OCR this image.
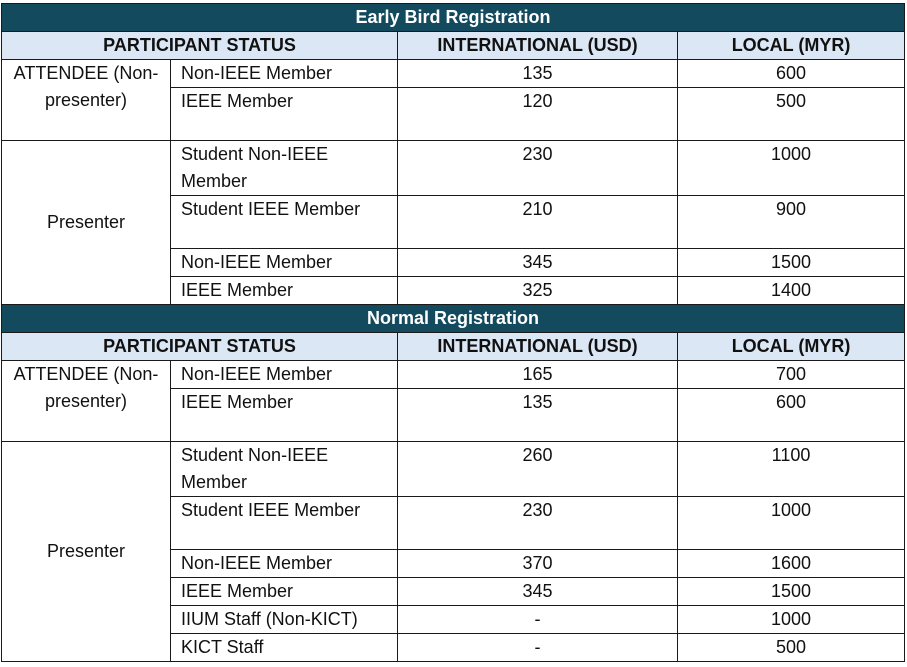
Early Bird Registration			
PARTICIPANT STATUS		INTERNATIONAL (USD)	LOCAL (MYR)
ATTENDEE (Non-presenter)	Non-IEEE Member	135	600
	IEEE Member	120	500
Presenter	Student Non-IEEE Member	230	1000
	Student IEEE Member	210	900
	Non-IEEE Member	345	1500
	IEEE Member	325	1400
Normal Registration			
PARTICIPANT STATUS		INTERNATIONAL (USD)	LOCAL (MYR)
ATTENDEE (Non-presenter)	Non-IEEE Member	165	700
	IEEE Member	135	600
Presenter	Student Non-IEEE Member	260	1100
	Student IEEE Member	230	1000
	Non-IEEE Member	370	1600
	IEEE Member	345	1500
	IIUM Staff (Non-KICT)	-	1000
	KICT Staff	-	500
